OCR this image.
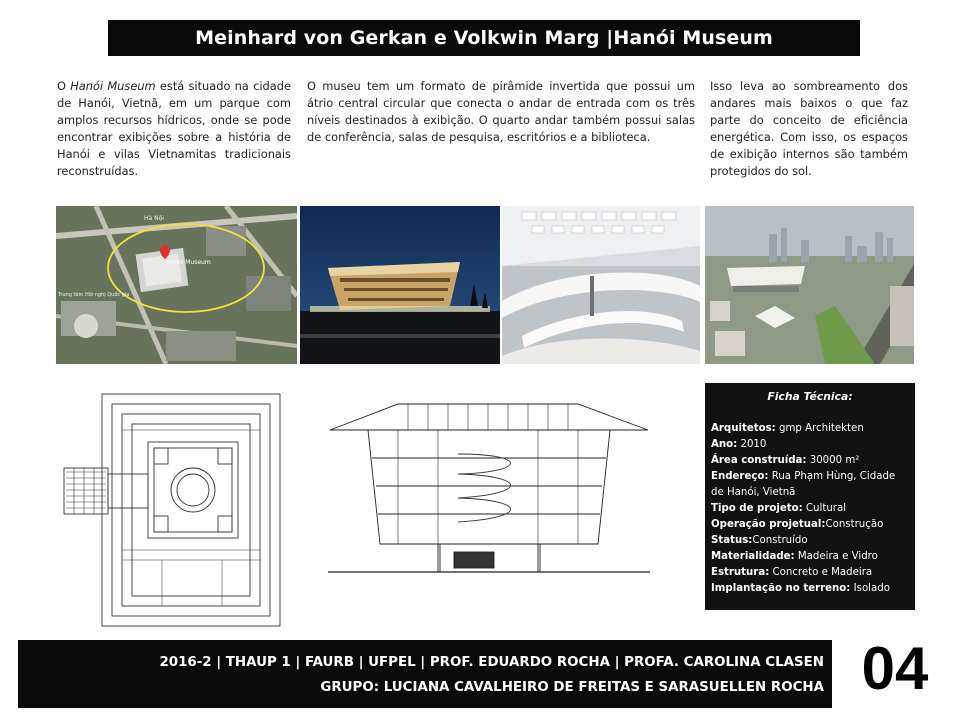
Meinhard von Gerkan e Volkwin Marg |Hanói Museum
O Hanói Museum está situado na cidade de Hanói, Vietnã, em um parque com amplos recursos hídricos, onde se pode encontrar exibições sobre a história de Hanói e vilas Vietnamitas tradicionais reconstruídas.
O museu tem um formato de pirâmide invertida que possui um átrio central circular que conecta o andar de entrada com os três níveis destinados à exibição. O quarto andar também possui salas de conferência, salas de pesquisa, escritórios e a biblioteca.
Isso leva ao sombreamento dos andares mais baixos o que faz parte do conceito de eficiência energética. Com isso, os espaços de exibição internos são também protegidos do sol.
Hanoi Museum
Hà Nội
Trung tâm Hội nghị Quốc gia
Ficha Técnica:
Arquitetos: gmp Architekten
Ano: 2010
Área construída: 30000 m²
Endereço: Rua Phạm Hùng, Cidade de Hanói, Vietnã
Tipo de projeto: Cultural
Operação projetual:Construção
Status:Construído
Materialidade: Madeira e Vidro
Estrutura: Concreto e Madeira
Implantação no terreno: Isolado
2016-2 | THAUP 1 | FAURB | UFPEL | PROF. EDUARDO ROCHA | PROFA. CAROLINA CLASEN
GRUPO: LUCIANA CAVALHEIRO DE FREITAS E SARASUELLEN ROCHA 04
